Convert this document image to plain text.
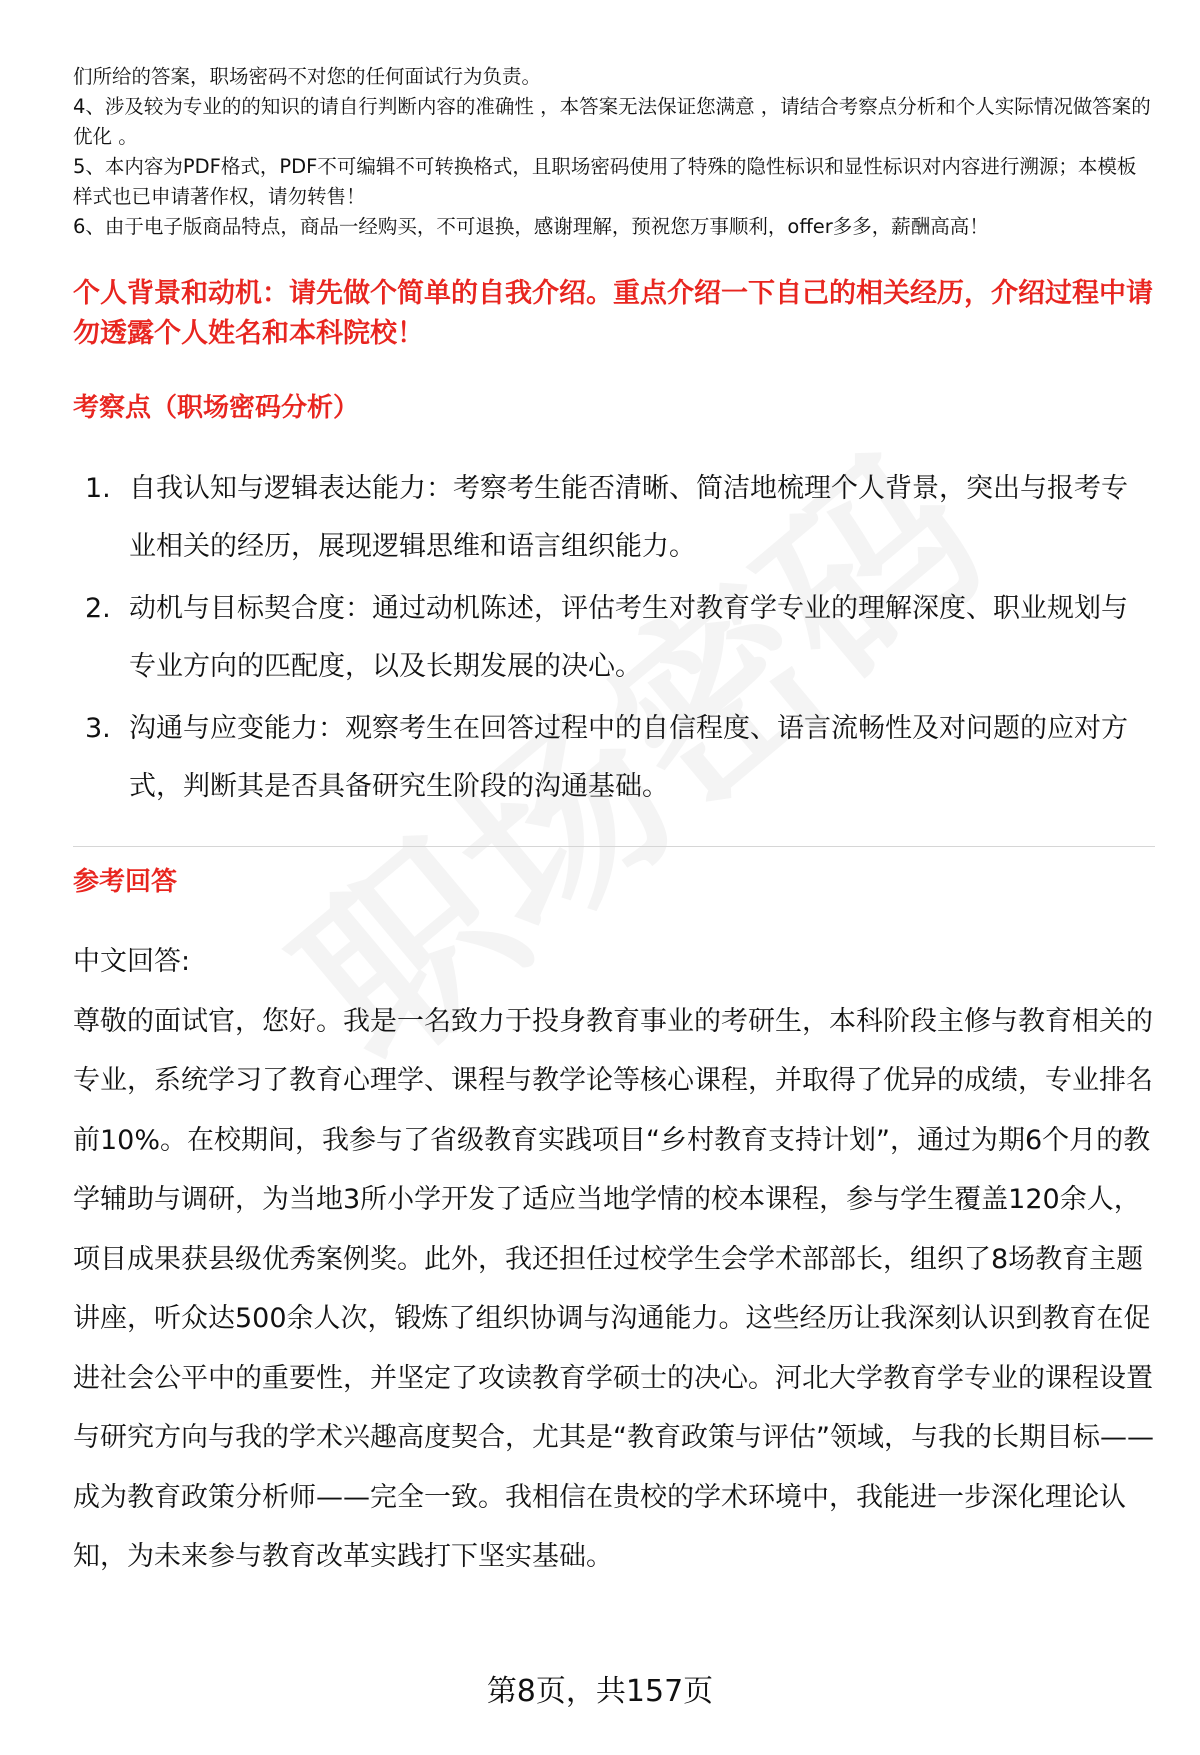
们所给的答案，职场密码不对您的任何面试行为负责。

4、涉及较为专业的的知识的请自行判断内容的准确性 ，本答案无法保证您满意 ，请结合考察点分析和个人实际情况做答案的优化 。

5、本内容为PDF格式，PDF不可编辑不可转换格式，且职场密码使用了特殊的隐性标识和显性标识对内容进行溯源；本模板样式也已申请著作权，请勿转售！

6、由于电子版商品特点，商品一经购买，不可退换，感谢理解，预祝您万事顺利，offer多多，薪酬高高！

个人背景和动机：请先做个简单的自我介绍。重点介绍一下自己的相关经历，介绍过程中请勿透露个人姓名和本科院校！
考察点（职场密码分析）
1. 自我认知与逻辑表达能力：考察考生能否清晰、简洁地梳理个人背景，突出与报考专业相关的经历，展现逻辑思维和语言组织能力。
2. 动机与目标契合度：通过动机陈述，评估考生对教育学专业的理解深度、职业规划与专业方向的匹配度，以及长期发展的决心。
3. 沟通与应变能力：观察考生在回答过程中的自信程度、语言流畅性及对问题的应对方式，判断其是否具备研究生阶段的沟通基础。
参考回答

中文回答:

尊敬的面试官，您好。我是一名致力于投身教育事业的考研生，本科阶段主修与教育相关的专业，系统学习了教育心理学、课程与教学论等核心课程，并取得了优异的成绩，专业排名前10%。在校期间，我参与了省级教育实践项目“乡村教育支持计划”，通过为期6个月的教学辅助与调研，为当地3所小学开发了适应当地学情的校本课程，参与学生覆盖120余人，项目成果获县级优秀案例奖。此外，我还担任过校学生会学术部部长，组织了8场教育主题讲座，听众达500余人次，锻炼了组织协调与沟通能力。这些经历让我深刻认识到教育在促进社会公平中的重要性，并坚定了攻读教育学硕士的决心。河北大学教育学专业的课程设置与研究方向与我的学术兴趣高度契合，尤其是“教育政策与评估”领域，与我的长期目标——成为教育政策分析师——完全一致。我相信在贵校的学术环境中，我能进一步深化理论认知，为未来参与教育改革实践打下坚实基础。

第8页，共157页
